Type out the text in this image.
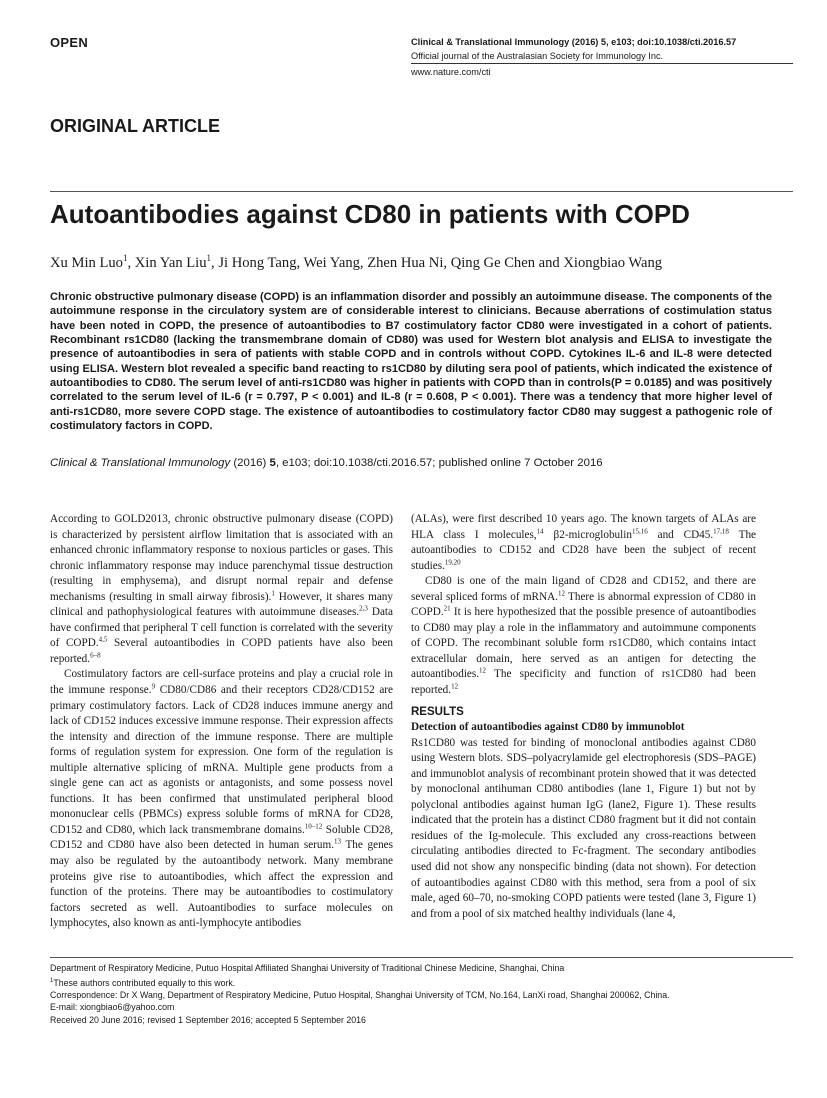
OPEN	Clinical & Translational Immunology (2016) 5, e103; doi:10.1038/cti.2016.57
Official journal of the Australasian Society for Immunology Inc.
www.nature.com/cti
ORIGINAL ARTICLE
Autoantibodies against CD80 in patients with COPD
Xu Min Luo$^1$, Xin Yan Liu$^1$, Ji Hong Tang, Wei Yang, Zhen Hua Ni, Qing Ge Chen and Xiongbiao Wang
Chronic obstructive pulmonary disease (COPD) is an inflammation disorder and possibly an autoimmune disease. The components of the autoimmune response in the circulatory system are of considerable interest to clinicians. Because aberrations of costimulation status have been noted in COPD, the presence of autoantibodies to B7 costimulatory factor CD80 were investigated in a cohort of patients. Recombinant rs1CD80 (lacking the transmembrane domain of CD80) was used for Western blot analysis and ELISA to investigate the presence of autoantibodies in sera of patients with stable COPD and in controls without COPD. Cytokines IL-6 and IL-8 were detected using ELISA. Western blot revealed a specific band reacting to rs1CD80 by diluting sera pool of patients, which indicated the existence of autoantibodies to CD80. The serum level of anti-rs1CD80 was higher in patients with COPD than in controls(P = 0.0185) and was positively correlated to the serum level of IL-6 (r = 0.797, P < 0.001) and IL-8 (r = 0.608, P < 0.001). There was a tendency that more higher level of anti-rs1CD80, more severe COPD stage. The existence of autoantibodies to costimulatory factor CD80 may suggest a pathogenic role of costimulatory factors in COPD.
Clinical & Translational Immunology (2016) 5, e103; doi:10.1038/cti.2016.57; published online 7 October 2016

According to GOLD2013, chronic obstructive pulmonary disease (COPD) is characterized by persistent airflow limitation that is associated with an enhanced chronic inflammatory response to noxious particles or gases. This chronic inflammatory response may induce parenchymal tissue destruction (resulting in emphysema), and disrupt normal repair and defense mechanisms (resulting in small airway fibrosis).$^1$ However, it shares many clinical and pathophysiological features with autoimmune diseases.$^{2,3}$ Data have confirmed that peripheral T cell function is correlated with the severity of COPD.$^{4,5}$ Several autoantibodies in COPD patients have also been reported.$^{6-8}$

Costimulatory factors are cell-surface proteins and play a crucial role in the immune response.$^9$ CD80/CD86 and their receptors CD28/CD152 are primary costimulatory factors. Lack of CD28 induces immune anergy and lack of CD152 induces excessive immune response. Their expression affects the intensity and direction of the immune response. There are multiple forms of regulation system for expression. One form of the regulation is multiple alternative splicing of mRNA. Multiple gene products from a single gene can act as agonists or antagonists, and some possess novel functions. It has been confirmed that unstimulated peripheral blood mononuclear cells (PBMCs) express soluble forms of mRNA for CD28, CD152 and CD80, which lack transmembrane domains.$^{10-12}$ Soluble CD28, CD152 and CD80 have also been detected in human serum.$^{13}$ The genes may also be regulated by the autoantibody network. Many membrane proteins give rise to autoantibodies, which affect the expression and function of the proteins. There may be autoantibodies to costimulatory factors secreted as well. Autoantibodies to surface molecules on lymphocytes, also known as anti-lymphocyte antibodies

(ALAs), were first described 10 years ago. The known targets of ALAs are HLA class I molecules,$^{14}$ β2-microglobulin$^{15,16}$ and CD45.$^{17,18}$ The autoantibodies to CD152 and CD28 have been the subject of recent studies.$^{19,20}$

CD80 is one of the main ligand of CD28 and CD152, and there are several spliced forms of mRNA.$^{12}$ There is abnormal expression of CD80 in COPD.$^{21}$ It is here hypothesized that the possible presence of autoantibodies to CD80 may play a role in the inflammatory and autoimmune components of COPD. The recombinant soluble form rs1CD80, which contains intact extracellular domain, here served as an antigen for detecting the autoantibodies.$^{12}$ The specificity and function of rs1CD80 had been reported.$^{12}$

RESULTS

Detection of autoantibodies against CD80 by immunoblot

Rs1CD80 was tested for binding of monoclonal antibodies against CD80 using Western blots. SDS–polyacrylamide gel electrophoresis (SDS–PAGE) and immunoblot analysis of recombinant protein showed that it was detected by monoclonal antihuman CD80 antibodies (lane 1, Figure 1) but not by polyclonal antibodies against human IgG (lane2, Figure 1). These results indicated that the protein has a distinct CD80 fragment but it did not contain residues of the Ig-molecule. This excluded any cross-reactions between circulating antibodies directed to Fc-fragment. The secondary antibodies used did not show any nonspecific binding (data not shown). For detection of autoantibodies against CD80 with this method, sera from a pool of six male, aged 60–70, no-smoking COPD patients were tested (lane 3, Figure 1) and from a pool of six matched healthy individuals (lane 4,

Department of Respiratory Medicine, Putuo Hospital Affiliated Shanghai University of Traditional Chinese Medicine, Shanghai, China
$^1$These authors contributed equally to this work.
Correspondence: Dr X Wang, Department of Respiratory Medicine, Putuo Hospital, Shanghai University of TCM, No.164, LanXi road, Shanghai 200062, China.
E-mail: xiongbiao6@yahoo.com
Received 20 June 2016; revised 1 September 2016; accepted 5 September 2016
